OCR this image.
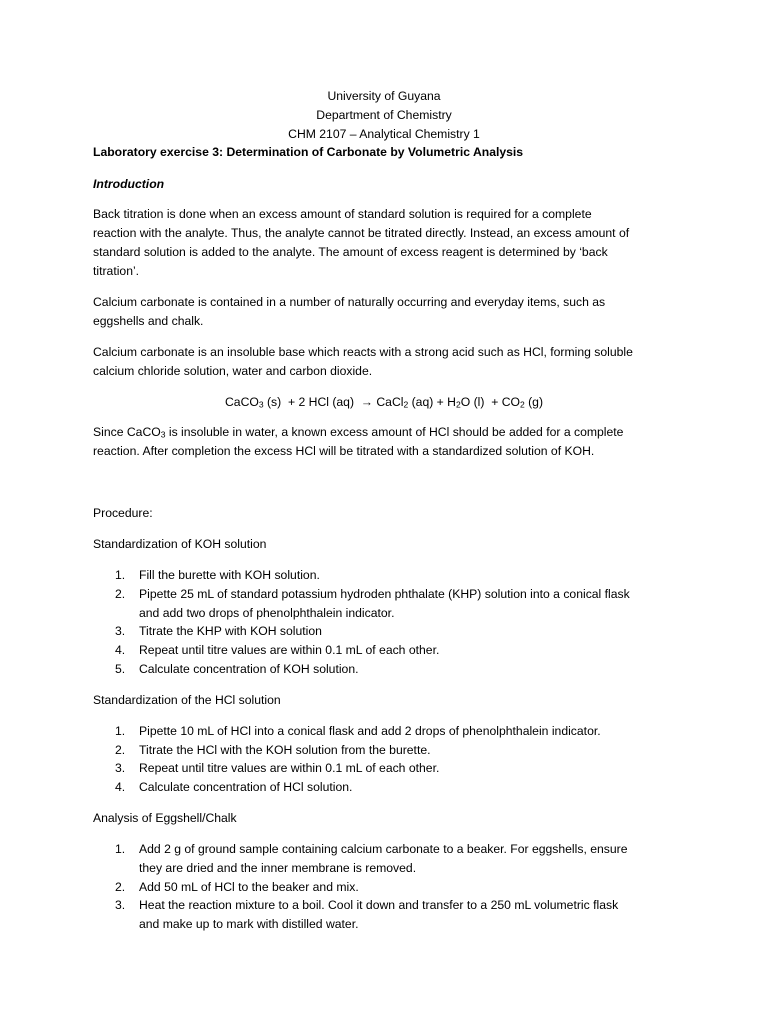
University of Guyana
Department of Chemistry
CHM 2107 – Analytical Chemistry 1
Laboratory exercise 3: Determination of Carbonate by Volumetric Analysis
Introduction
Back titration is done when an excess amount of standard solution is required for a complete
reaction with the analyte. Thus, the analyte cannot be titrated directly. Instead, an excess amount of
standard solution is added to the analyte. The amount of excess reagent is determined by ‘back
titration’.
Calcium carbonate is contained in a number of naturally occurring and everyday items, such as
eggshells and chalk.
Calcium carbonate is an insoluble base which reacts with a strong acid such as HCl, forming soluble
calcium chloride solution, water and carbon dioxide.
CaCO$_3$ (s)  + 2 HCl (aq)  → CaCl$_2$ $(aq) + H_2O$ $(l) + CO_2$ (g)
Since CaCO$_3$ is insoluble in water, a known excess amount of HCl should be added for a complete
reaction. After completion the excess HCl will be titrated with a standardized solution of KOH.
Procedure:
Standardization of KOH solution
1. Fill the burette with KOH solution.
2. Pipette 25 mL of standard potassium hydroden phthalate (KHP) solution into a conical flask
and add two drops of phenolphthalein indicator.
3. Titrate the KHP with KOH solution
4. Repeat until titre values are within 0.1 mL of each other.
5. Calculate concentration of KOH solution.
Standardization of the HCl solution
1. Pipette 10 mL of HCl into a conical flask and add 2 drops of phenolphthalein indicator.
2. Titrate the HCl with the KOH solution from the burette.
3. Repeat until titre values are within 0.1 mL of each other.
4. Calculate concentration of HCl solution.
Analysis of Eggshell/Chalk
1. Add 2 g of ground sample containing calcium carbonate to a beaker. For eggshells, ensure
they are dried and the inner membrane is removed.
2. Add 50 mL of HCl to the beaker and mix.
3. Heat the reaction mixture to a boil. Cool it down and transfer to a 250 mL volumetric flask
and make up to mark with distilled water.
